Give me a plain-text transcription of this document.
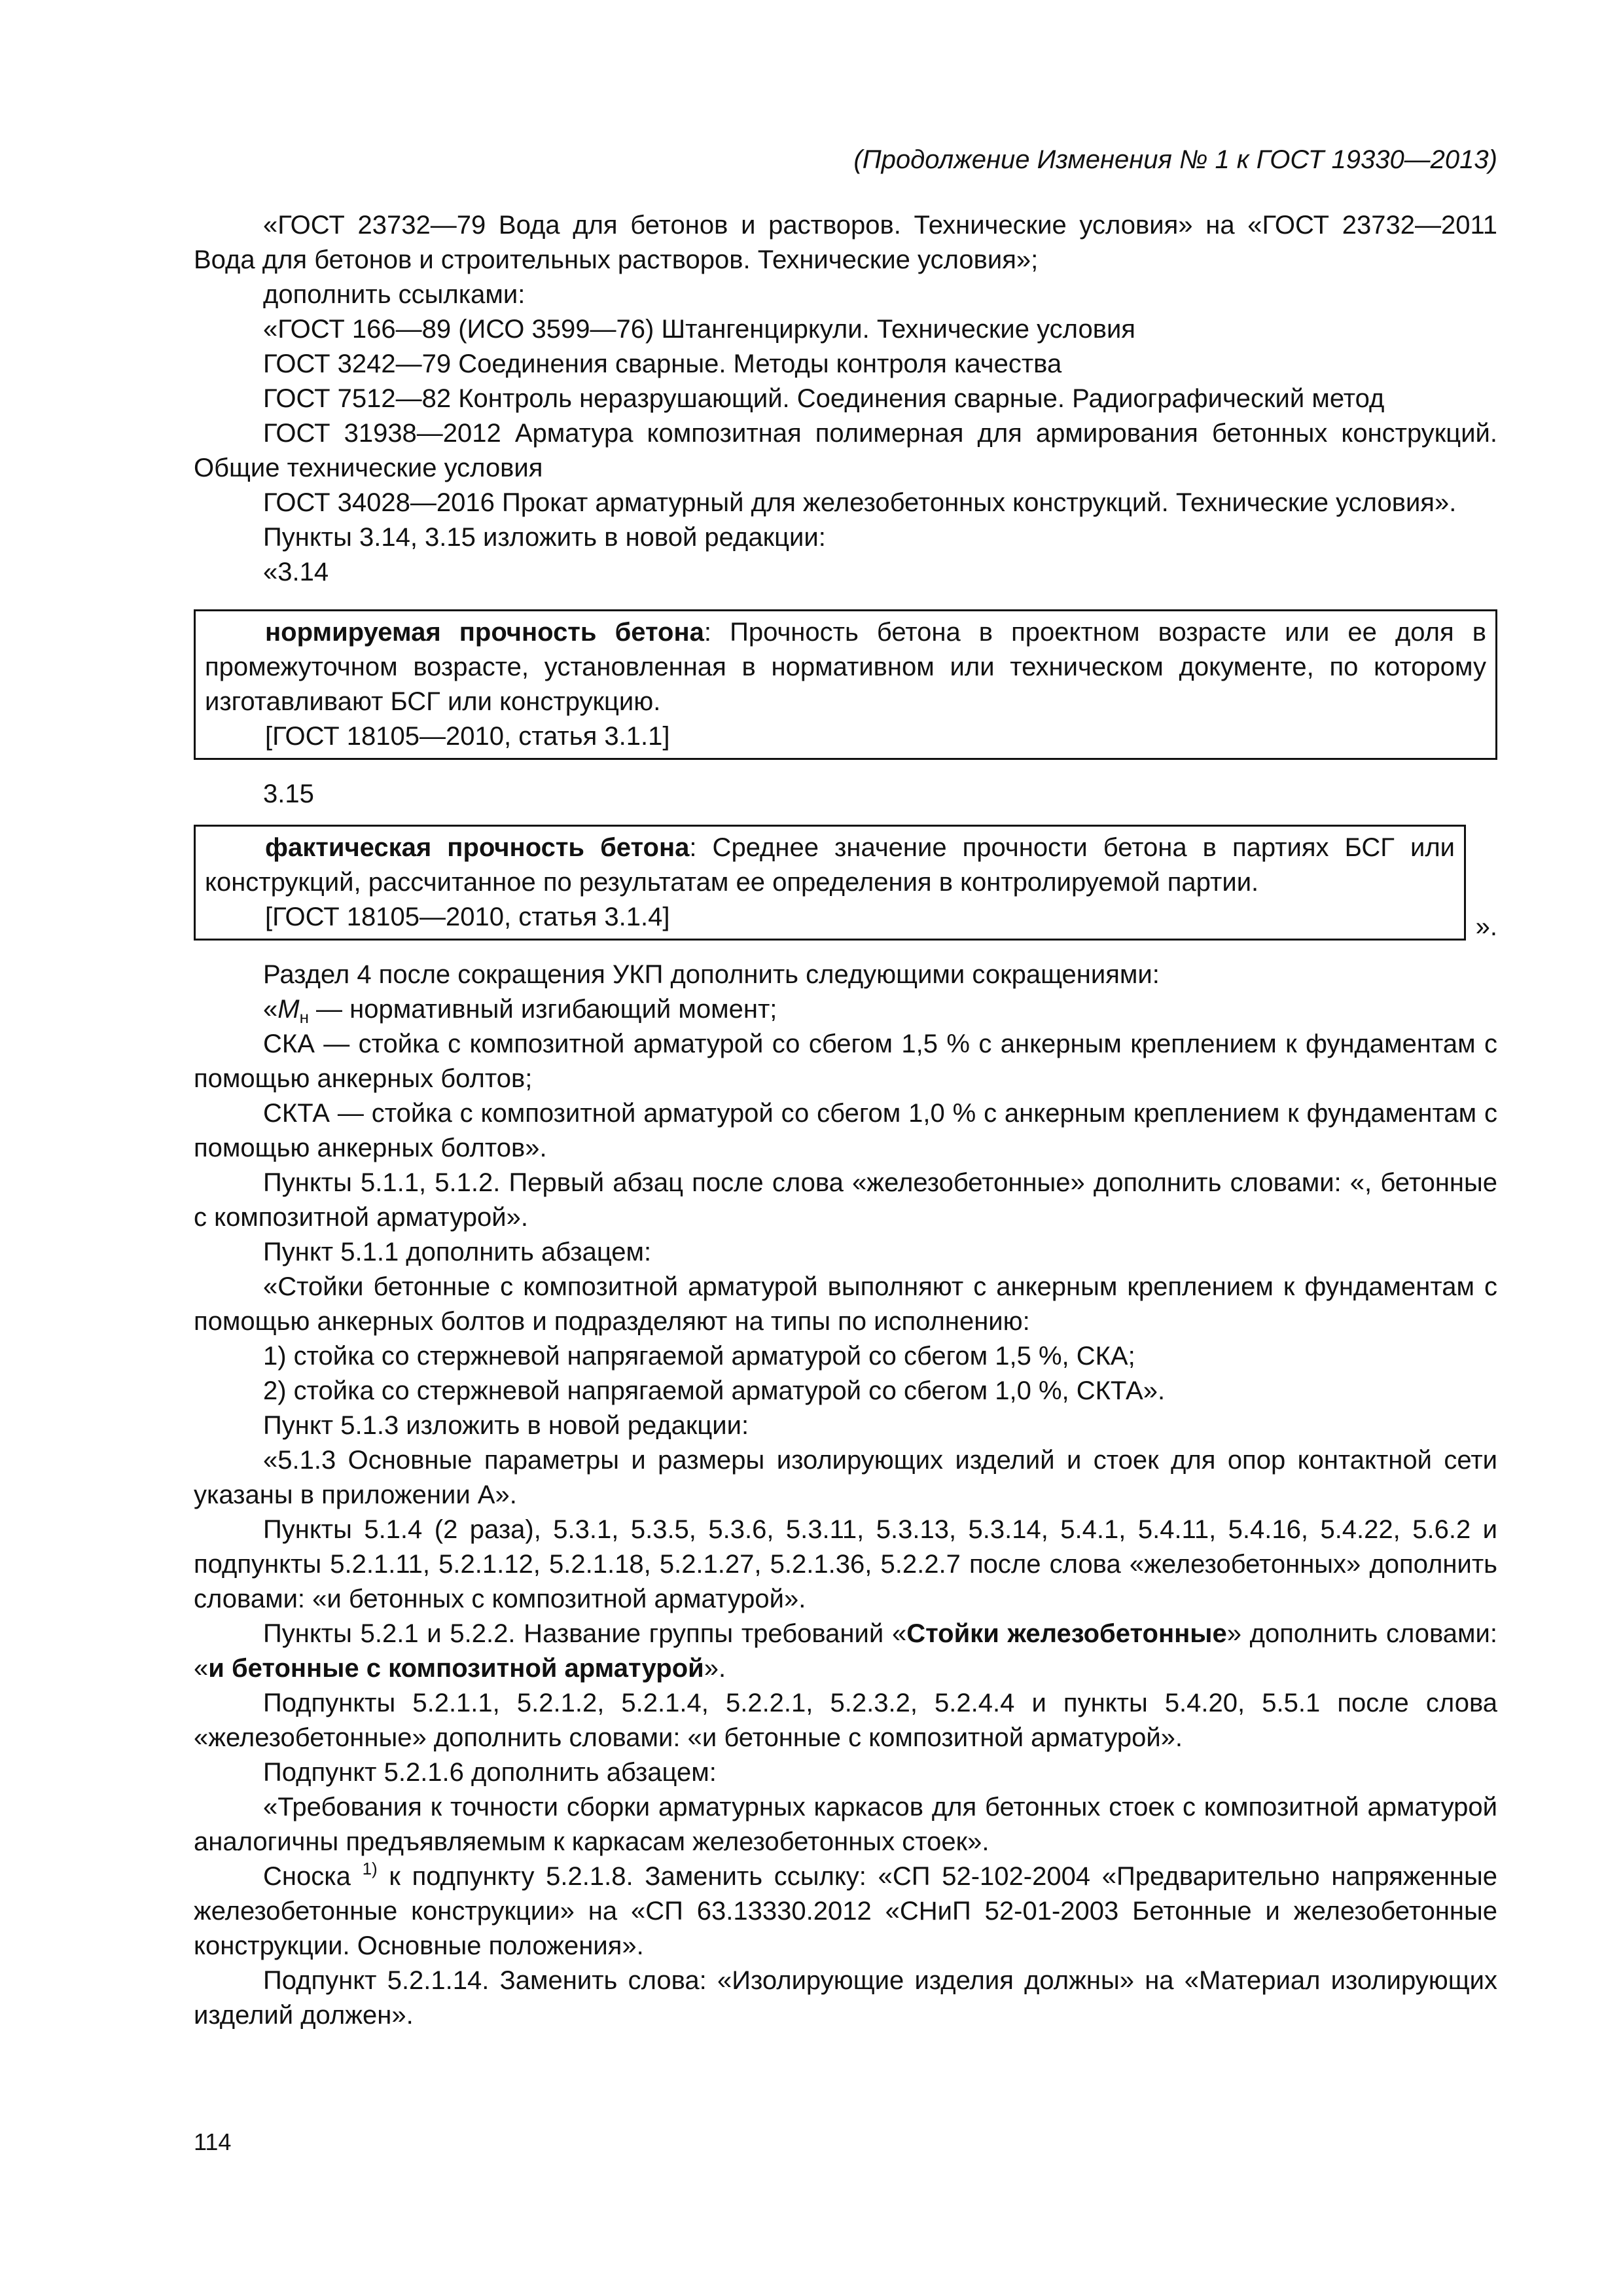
(Продолжение Изменения № 1 к ГОСТ 19330—2013)

«ГОСТ 23732—79 Вода для бетонов и растворов. Технические условия» на «ГОСТ 23732—2011 Вода для бетонов и строительных растворов. Технические условия»;

дополнить ссылками:

«ГОСТ 166—89 (ИСО 3599—76) Штангенциркули. Технические условия

ГОСТ 3242—79 Соединения сварные. Методы контроля качества

ГОСТ 7512—82 Контроль неразрушающий. Соединения сварные. Радиографический метод

ГОСТ 31938—2012 Арматура композитная полимерная для армирования бетонных конструкций. Общие технические условия

ГОСТ 34028—2016 Прокат арматурный для железобетонных конструкций. Технические условия».

Пункты 3.14, 3.15 изложить в новой редакции:

«3.14

нормируемая прочность бетона: Прочность бетона в проектном возрасте или ее доля в промежуточном возрасте, установленная в нормативном или техническом документе, по которому изготавливают БСГ или конструкцию.

[ГОСТ 18105—2010, статья 3.1.1]

3.15

фактическая прочность бетона: Среднее значение прочности бетона в партиях БСГ или конструкций, рассчитанное по результатам ее определения в контролируемой партии.

[ГОСТ 18105—2010, статья 3.1.4]	».

Раздел 4 после сокращения УКП дополнить следующими сокращениями:

«$М_н$ — нормативный изгибающий момент;

СКА — стойка с композитной арматурой со сбегом 1,5 % с анкерным креплением к фундаментам с помощью анкерных болтов;

СКТА — стойка с композитной арматурой со сбегом 1,0 % с анкерным креплением к фундаментам с помощью анкерных болтов».

Пункты 5.1.1, 5.1.2. Первый абзац после слова «железобетонные» дополнить словами: «, бетонные с композитной арматурой».

Пункт 5.1.1 дополнить абзацем:

«Стойки бетонные с композитной арматурой выполняют с анкерным креплением к фундаментам с помощью анкерных болтов и подразделяют на типы по исполнению:

1) стойка со стержневой напрягаемой арматурой со сбегом 1,5 %, СКА;

2) стойка со стержневой напрягаемой арматурой со сбегом 1,0 %, СКТА».

Пункт 5.1.3 изложить в новой редакции:

«5.1.3 Основные параметры и размеры изолирующих изделий и стоек для опор контактной сети указаны в приложении А».

Пункты 5.1.4 (2 раза), 5.3.1, 5.3.5, 5.3.6, 5.3.11, 5.3.13, 5.3.14, 5.4.1, 5.4.11, 5.4.16, 5.4.22, 5.6.2 и подпункты 5.2.1.11, 5.2.1.12, 5.2.1.18, 5.2.1.27, 5.2.1.36, 5.2.2.7 после слова «железобетонных» дополнить словами: «и бетонных с композитной арматурой».

Пункты 5.2.1 и 5.2.2. Название группы требований «Стойки железобетонные» дополнить словами: «и бетонные с композитной арматурой».

Подпункты 5.2.1.1, 5.2.1.2, 5.2.1.4, 5.2.2.1, 5.2.3.2, 5.2.4.4 и пункты 5.4.20, 5.5.1 после слова «железобетонные» дополнить словами: «и бетонные с композитной арматурой».

Подпункт 5.2.1.6 дополнить абзацем:

«Требования к точности сборки арматурных каркасов для бетонных стоек с композитной арматурой аналогичны предъявляемым к каркасам железобетонных стоек».

Сноска $^{1)}$ к подпункту 5.2.1.8. Заменить ссылку: «СП 52-102-2004 «Предварительно напряженные железобетонные конструкции» на «СП 63.13330.2012 «СНиП 52-01-2003 Бетонные и железобетонные конструкции. Основные положения».

Подпункт 5.2.1.14. Заменить слова: «Изолирующие изделия должны» на «Материал изолирующих изделий должен».

114
